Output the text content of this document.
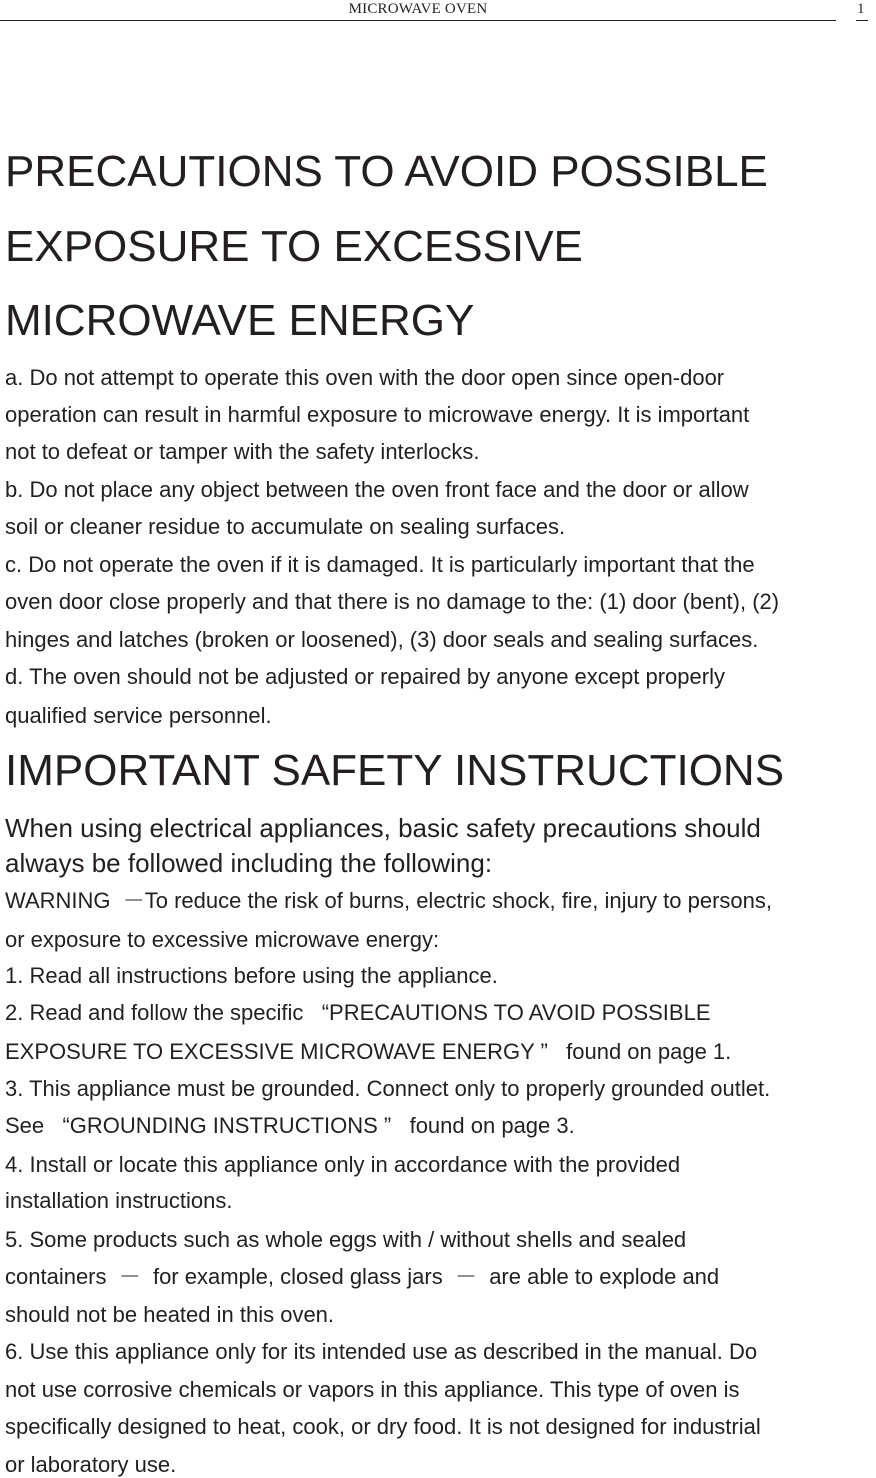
MICROWAVE OVEN	1
PRECAUTIONS TO AVOID POSSIBLE
EXPOSURE TO EXCESSIVE
MICROWAVE ENERGY
a. Do not attempt to operate this oven with the door open since open-door
operation can result in harmful exposure to microwave energy. It is important
not to defeat or tamper with the safety interlocks.
b. Do not place any object between the oven front face and the door or allow
soil or cleaner residue to accumulate on sealing surfaces.
c. Do not operate the oven if it is damaged. It is particularly important that the
oven door close properly and that there is no damage to the: (1) door (bent), (2)
hinges and latches (broken or loosened), (3) door seals and sealing surfaces.
d. The oven should not be adjusted or repaired by anyone except properly
qualified service personnel.
IMPORTANT SAFETY INSTRUCTIONS
When using electrical appliances, basic safety precautions should
always be followed including the following:
WARNING  －To reduce the risk of burns, electric shock, fire, injury to persons,
or exposure to excessive microwave energy:
1. Read all instructions before using the appliance.
2. Read and follow the specific   “PRECAUTIONS TO AVOID POSSIBLE
EXPOSURE TO EXCESSIVE MICROWAVE ENERGY ”   found on page 1.
3. This appliance must be grounded. Connect only to properly grounded outlet.
See   “GROUNDING INSTRUCTIONS ”   found on page 3.
4. Install or locate this appliance only in accordance with the provided
installation instructions.
5. Some products such as whole eggs with / without shells and sealed
containers  －  for example, closed glass jars  －  are able to explode and
should not be heated in this oven.
6. Use this appliance only for its intended use as described in the manual. Do
not use corrosive chemicals or vapors in this appliance. This type of oven is
specifically designed to heat, cook, or dry food. It is not designed for industrial
or laboratory use.
